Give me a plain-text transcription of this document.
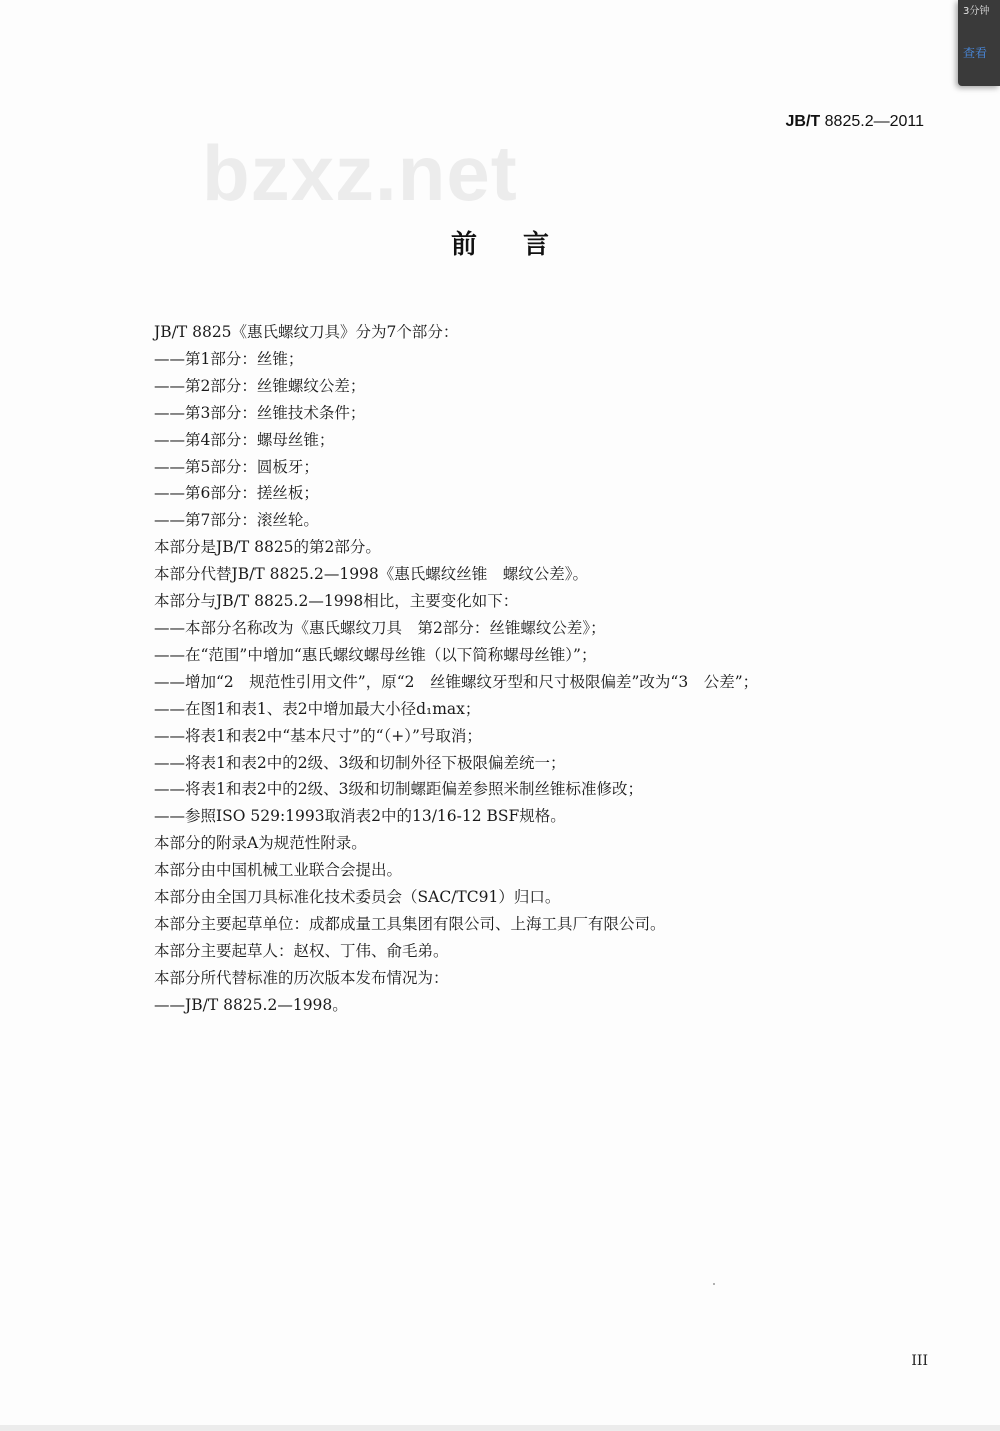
3分钟
查看
JB/T 8825.2—2011
bzxz.net
前言
JB/T 8825《惠氏螺纹刀具》分为7个部分：
——第1部分：丝锥；
——第2部分：丝锥螺纹公差；
——第3部分：丝锥技术条件；
——第4部分：螺母丝锥；
——第5部分：圆板牙；
——第6部分：搓丝板；
——第7部分：滚丝轮。
本部分是JB/T 8825的第2部分。
本部分代替JB/T 8825.2—1998《惠氏螺纹丝锥　螺纹公差》。
本部分与JB/T 8825.2—1998相比，主要变化如下：
——本部分名称改为《惠氏螺纹刀具　第2部分：丝锥螺纹公差》；
——在“范围”中增加“惠氏螺纹螺母丝锥（以下简称螺母丝锥）”；
——增加“2　规范性引用文件”，原“2　丝锥螺纹牙型和尺寸极限偏差”改为“3　公差”；
——在图1和表1、表2中增加最大小径d₁max；
——将表1和表2中“基本尺寸”的“（+）”号取消；
——将表1和表2中的2级、3级和切制外径下极限偏差统一；
——将表1和表2中的2级、3级和切制螺距偏差参照米制丝锥标准修改；
——参照ISO 529:1993取消表2中的13/16-12 BSF规格。
本部分的附录A为规范性附录。
本部分由中国机械工业联合会提出。
本部分由全国刀具标准化技术委员会（SAC/TC91）归口。
本部分主要起草单位：成都成量工具集团有限公司、上海工具厂有限公司。
本部分主要起草人：赵权、丁伟、俞毛弟。
本部分所代替标准的历次版本发布情况为：
——JB/T 8825.2—1998。
III
